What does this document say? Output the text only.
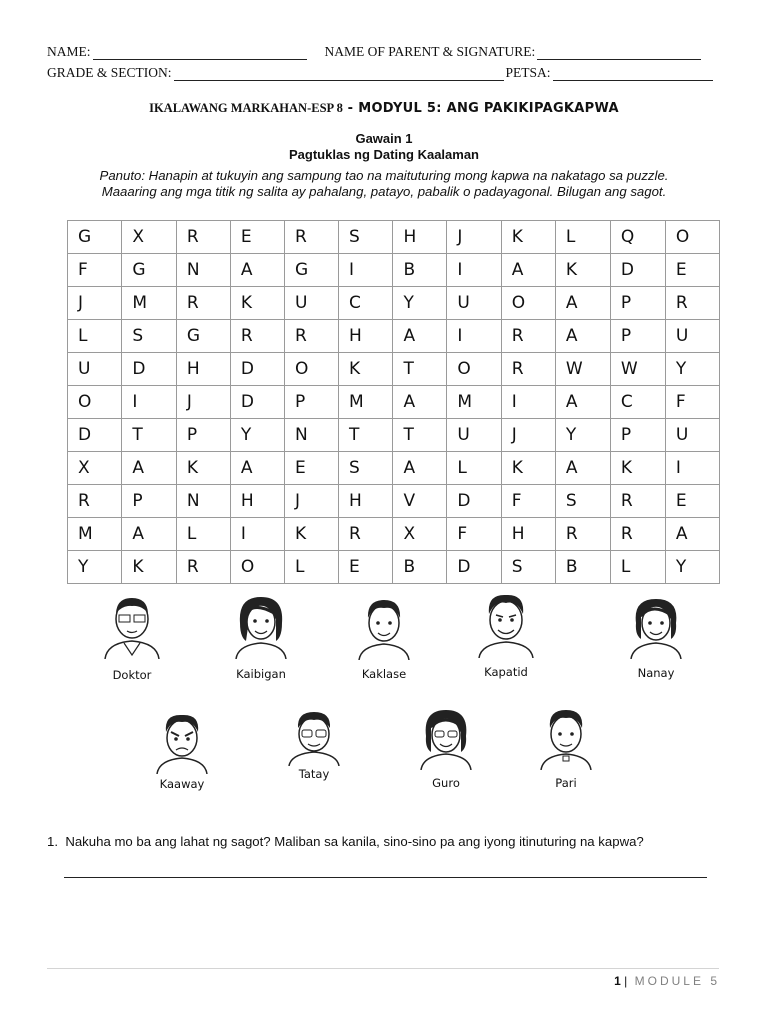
NAME:	NAME OF PARENT & SIGNATURE:
GRADE & SECTION:	PETSA:
IKALAWANG MARKAHAN-ESP 8 - MODYUL 5: ANG PAKIKIPAGKAPWA
Gawain 1
Pagtuklas ng Dating Kaalaman
Panuto: Hanapin at tukuyin ang sampung tao na maituturing mong kapwa na nakatago sa puzzle.
Maaaring ang mga titik ng salita ay pahalang, patayo, pabalik o padayagonal. Bilugan ang sagot.
G	X	R	E	R	S	H	J	K	L	Q	O
F	G	N	A	G	I	B	I	A	K	D	E
J	M	R	K	U	C	Y	U	O	A	P	R
L	S	G	R	R	H	A	I	R	A	P	U
U	D	H	D	O	K	T	O	R	W	W	Y
O	I	J	D	P	M	A	M	I	A	C	F
D	T	P	Y	N	T	T	U	J	Y	P	U
X	A	K	A	E	S	A	L	K	A	K	I
R	P	N	H	J	H	V	D	F	S	R	E
M	A	L	I	K	R	X	F	H	R	R	A
Y	K	R	O	L	E	B	D	S	B	L	Y
Doktor	Kaibigan	Kaklase	Kapatid	Nanay
Kaaway
Tatay
Guro	Pari
1. Nakuha mo ba ang lahat ng sagot? Maliban sa kanila, sino-sino pa ang iyong itinuturing na kapwa?
1 | MODULE 5
